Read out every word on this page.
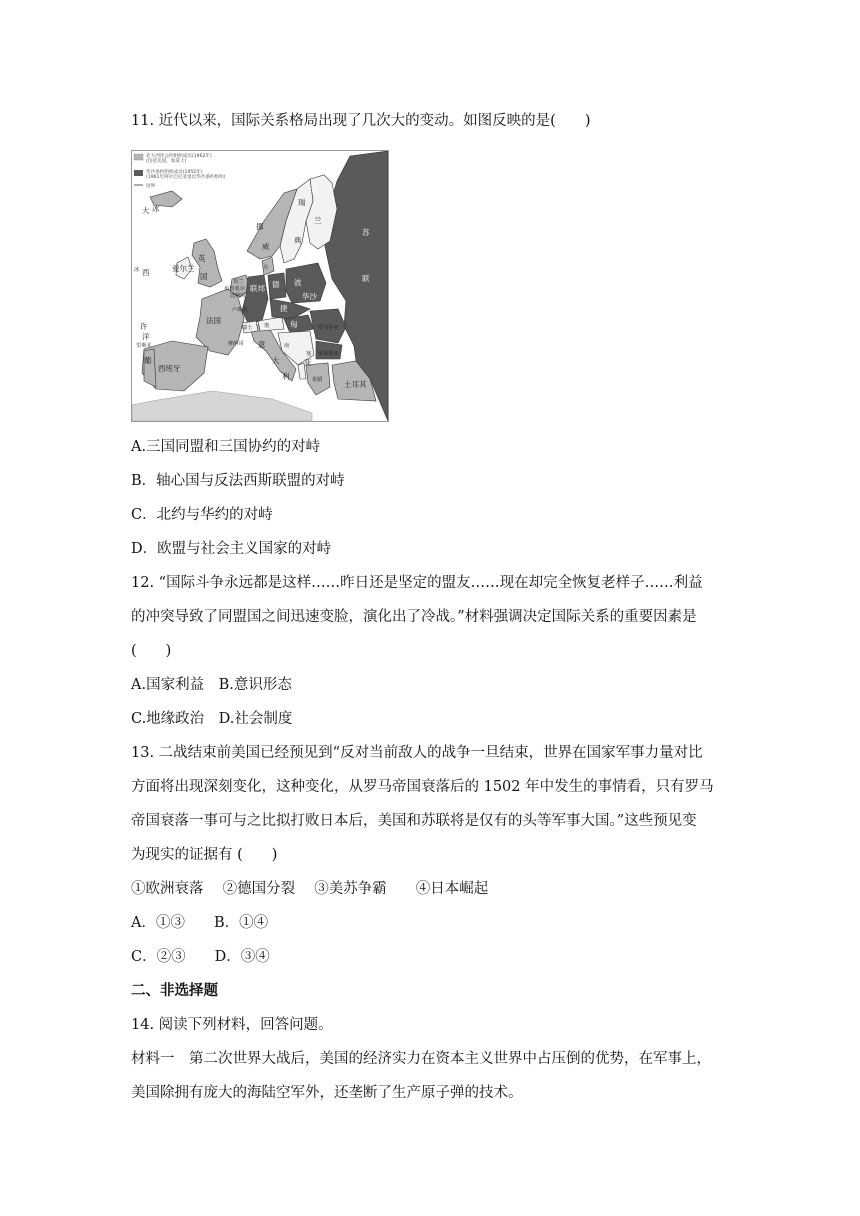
11. 近代以来，国际关系格局出现了几次大的变动。如图反映的是(　　)
北大西洋公约组织成员(1962年)
(包括美国、加拿大)
华沙条约组织成员(1955年)
(1961年阿尔巴尼亚退出华沙条约组织)
国界
冰
冰
芬
兰
瑞
典
挪
威
苏
联
大
西
洋
许
爱尔兰
英
国
丹
荷兰
布鲁塞尔
比利时
联邦 德 波
华沙
卢森堡
法国
捷
瑞士 奥	匈
南
罗马尼亚
塞 保加利亚
里斯本
葡
西班牙
摩纳哥 意
大
利
亚
希腊	土耳其
A.三国同盟和三国协约的对峙
B．轴心国与反法西斯联盟的对峙
C．北约与华约的对峙
D．欧盟与社会主义国家的对峙
12. “国际斗争永远都是这样……昨日还是坚定的盟友……现在却完全恢复老样子……利益
的冲突导致了同盟国之间迅速变脸，演化出了冷战。”材料强调决定国际关系的重要因素是
(　　)
A.国家利益　B.意识形态
C.地缘政治　D.社会制度
13. 二战结束前美国已经预见到“反对当前敌人的战争一旦结束，世界在国家军事力量对比
方面将出现深刻变化，这种变化，从罗马帝国衰落后的 1502 年中发生的事情看，只有罗马
帝国衰落一事可与之比拟打败日本后，美国和苏联将是仅有的头等军事大国。”这些预见变
为现实的证据有 (　　)
①欧洲衰落　 ②德国分裂　 ③美苏争霸　　④日本崛起
A．①③　　B．①④
C．②③　　D．③④
二、非选择题
14. 阅读下列材料，回答问题。
材料一　第二次世界大战后，美国的经济实力在资本主义世界中占压倒的优势，在军事上，
美国除拥有庞大的海陆空军外，还垄断了生产原子弹的技术。
